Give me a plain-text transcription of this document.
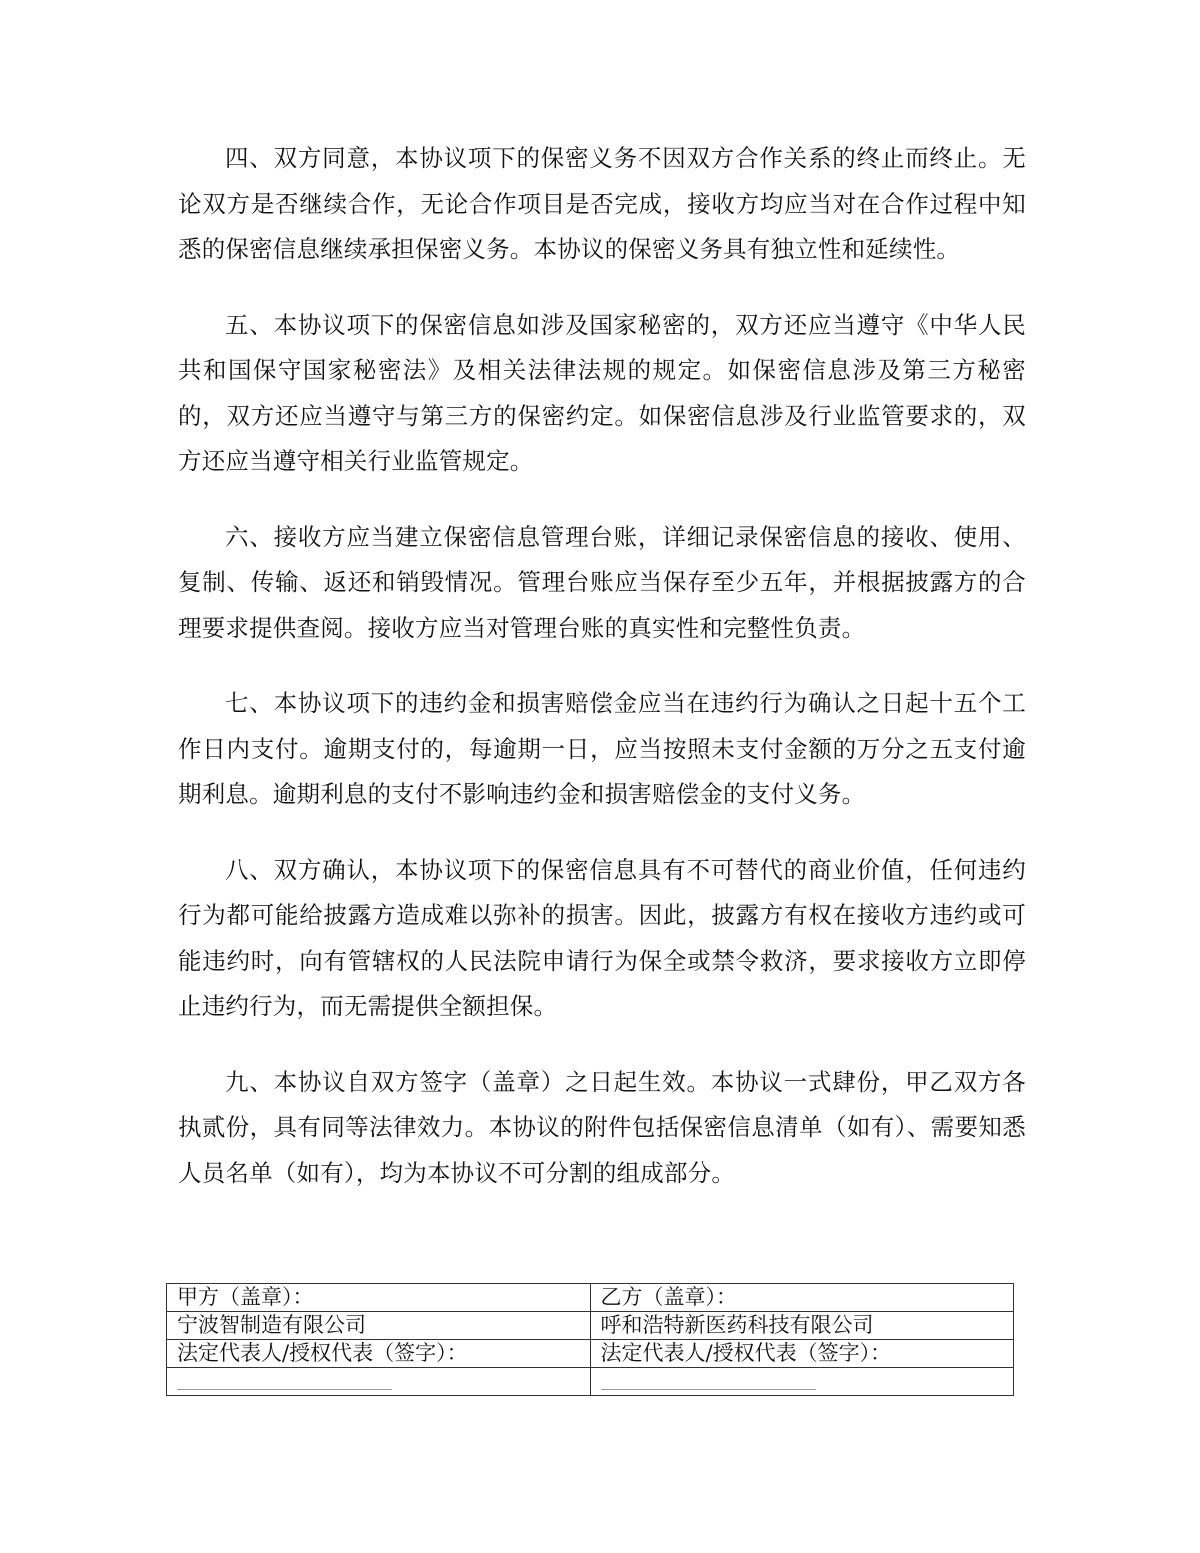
四、双方同意，本协议项下的保密义务不因双方合作关系的终止而终止。无论双方是否继续合作，无论合作项目是否完成，接收方均应当对在合作过程中知悉的保密信息继续承担保密义务。本协议的保密义务具有独立性和延续性。

五、本协议项下的保密信息如涉及国家秘密的，双方还应当遵守《中华人民共和国保守国家秘密法》及相关法律法规的规定。如保密信息涉及第三方秘密的，双方还应当遵守与第三方的保密约定。如保密信息涉及行业监管要求的，双方还应当遵守相关行业监管规定。

六、接收方应当建立保密信息管理台账，详细记录保密信息的接收、使用、复制、传输、返还和销毁情况。管理台账应当保存至少五年，并根据披露方的合理要求提供查阅。接收方应当对管理台账的真实性和完整性负责。

七、本协议项下的违约金和损害赔偿金应当在违约行为确认之日起十五个工作日内支付。逾期支付的，每逾期一日，应当按照未支付金额的万分之五支付逾期利息。逾期利息的支付不影响违约金和损害赔偿金的支付义务。

八、双方确认，本协议项下的保密信息具有不可替代的商业价值，任何违约行为都可能给披露方造成难以弥补的损害。因此，披露方有权在接收方违约或可能违约时，向有管辖权的人民法院申请行为保全或禁令救济，要求接收方立即停止违约行为，而无需提供全额担保。

九、本协议自双方签字（盖章）之日起生效。本协议一式肆份，甲乙双方各执贰份，具有同等法律效力。本协议的附件包括保密信息清单（如有）、需要知悉人员名单（如有），均为本协议不可分割的组成部分。

甲方（盖章）：	乙方（盖章）：
宁波智制造有限公司	呼和浩特新医药科技有限公司
法定代表人/授权代表（签字）：	法定代表人/授权代表（签字）：
